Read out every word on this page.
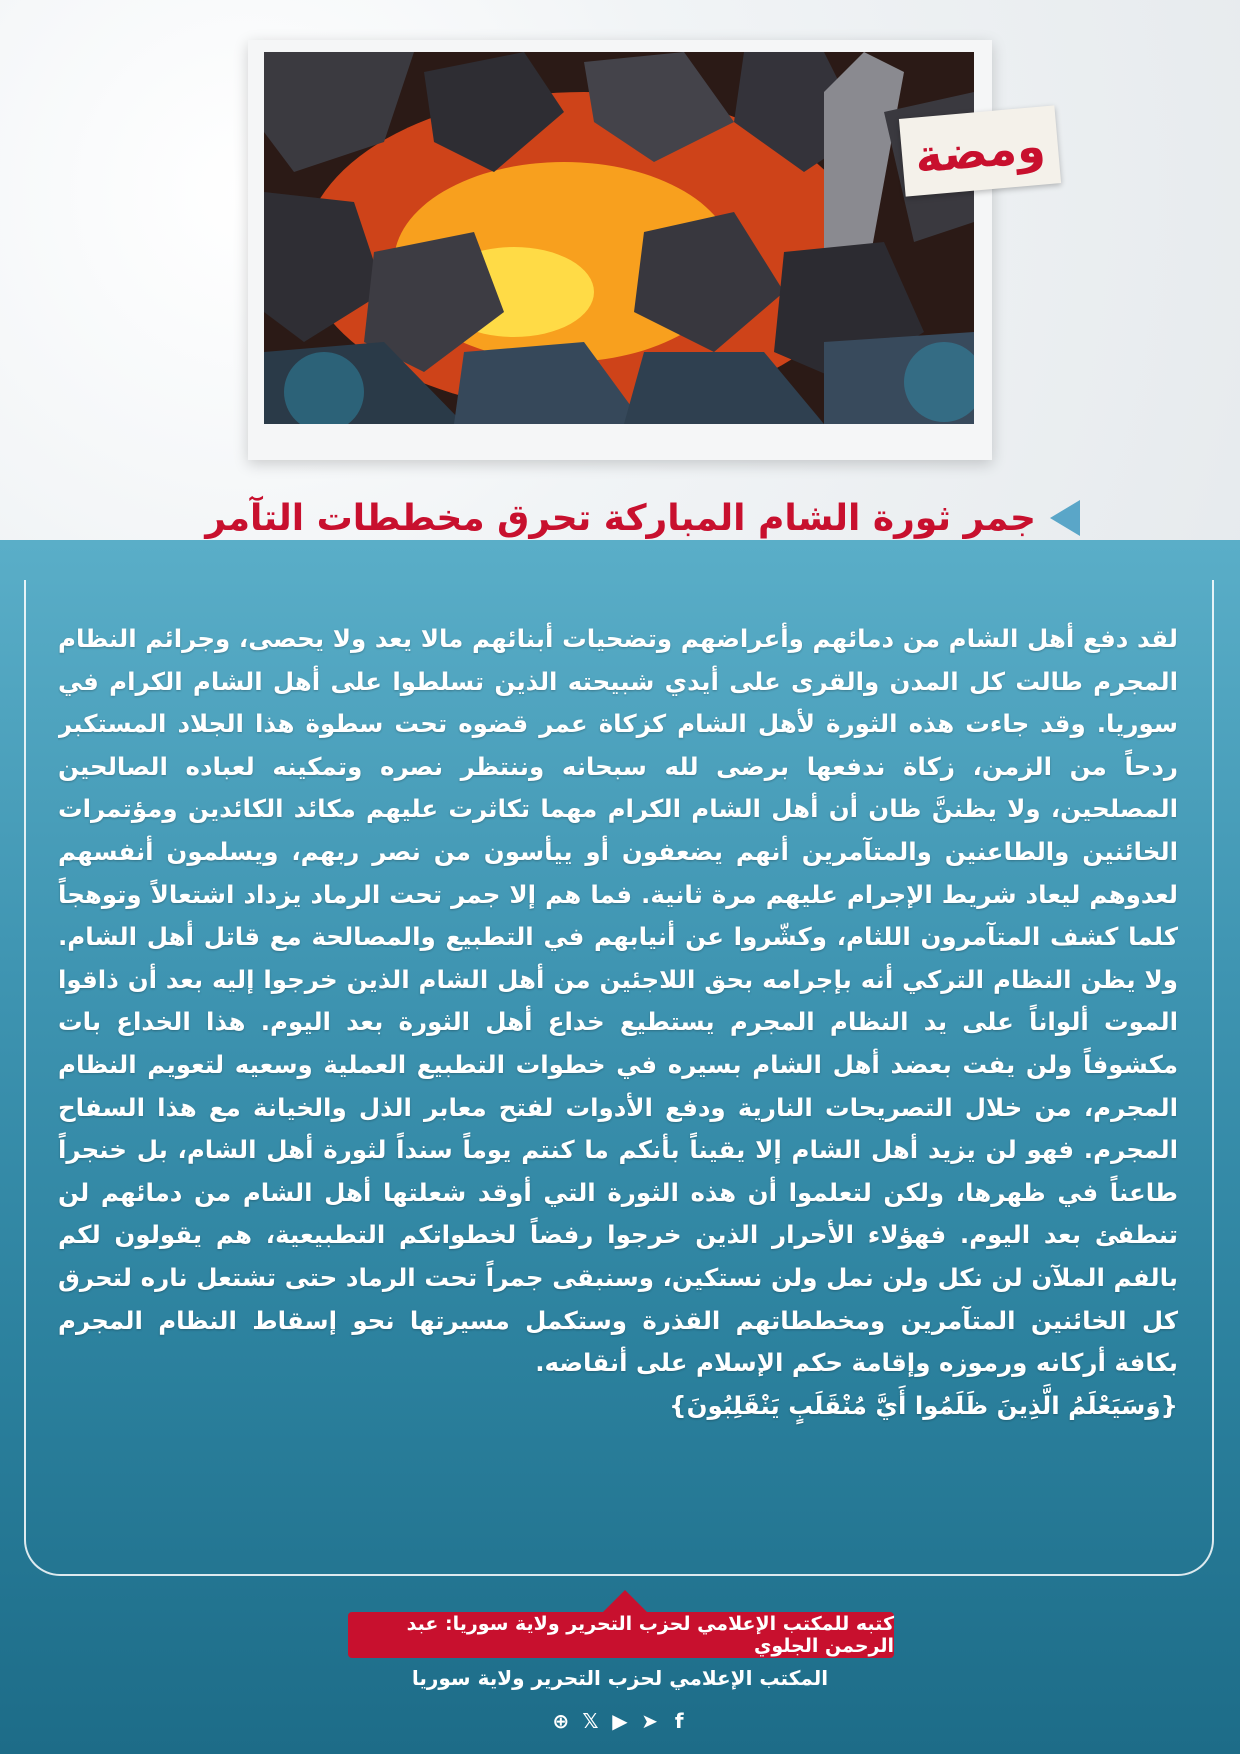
ومضة
جمر ثورة الشام المباركة تحرق مخططات التآمر

لقد دفع أهل الشام من دمائهم وأعراضهم وتضحيات أبنائهم مالا يعد ولا يحصى، وجرائم النظام المجرم طالت كل المدن والقرى على أيدي شبيحته الذين تسلطوا على أهل الشام الكرام في سوريا. وقد جاءت هذه الثورة لأهل الشام كزكاة عمر قضوه تحت سطوة هذا الجلاد المستكبر ردحاً من الزمن، زكاة ندفعها برضى لله سبحانه وننتظر نصره وتمكينه لعباده الصالحين المصلحين، ولا يظننَّ ظان أن أهل الشام الكرام مهما تكاثرت عليهم مكائد الكائدين ومؤتمرات الخائنين والطاعنين والمتآمرين أنهم يضعفون أو ييأسون من نصر ربهم، ويسلمون أنفسهم لعدوهم ليعاد شريط الإجرام عليهم مرة ثانية. فما هم إلا جمر تحت الرماد يزداد اشتعالاً وتوهجاً كلما كشف المتآمرون اللثام، وكشّروا عن أنيابهم في التطبيع والمصالحة مع قاتل أهل الشام. ولا يظن النظام التركي أنه بإجرامه بحق اللاجئين من أهل الشام الذين خرجوا إليه بعد أن ذاقوا الموت ألواناً على يد النظام المجرم يستطيع خداع أهل الثورة بعد اليوم. هذا الخداع بات مكشوفاً ولن يفت بعضد أهل الشام بسيره في خطوات التطبيع العملية وسعيه لتعويم النظام المجرم، من خلال التصريحات النارية ودفع الأدوات لفتح معابر الذل والخيانة مع هذا السفاح المجرم. فهو لن يزيد أهل الشام إلا يقيناً بأنكم ما كنتم يوماً سنداً لثورة أهل الشام، بل خنجراً طاعناً في ظهرها، ولكن لتعلموا أن هذه الثورة التي أوقد شعلتها أهل الشام من دمائهم لن تنطفئ بعد اليوم. فهؤلاء الأحرار الذين خرجوا رفضاً لخطواتكم التطبيعية، هم يقولون لكم بالفم الملآن لن نكل ولن نمل ولن نستكين، وسنبقى جمراً تحت الرماد حتى تشتعل ناره لتحرق كل الخائنين المتآمرين ومخططاتهم القذرة وستكمل مسيرتها نحو إسقاط النظام المجرم بكافة أركانه ورموزه وإقامة حكم الإسلام على أنقاضه.

{وَسَيَعْلَمُ الَّذِينَ ظَلَمُوا أَيَّ مُنْقَلَبٍ يَنْقَلِبُونَ}
كتبه للمكتب الإعلامي لحزب التحرير ولاية سوريا: عبد الرحمن الجلوي
المكتب الإعلامي لحزب التحرير ولاية سوريا
⊕ 𝕏 ▶ ➤ f
